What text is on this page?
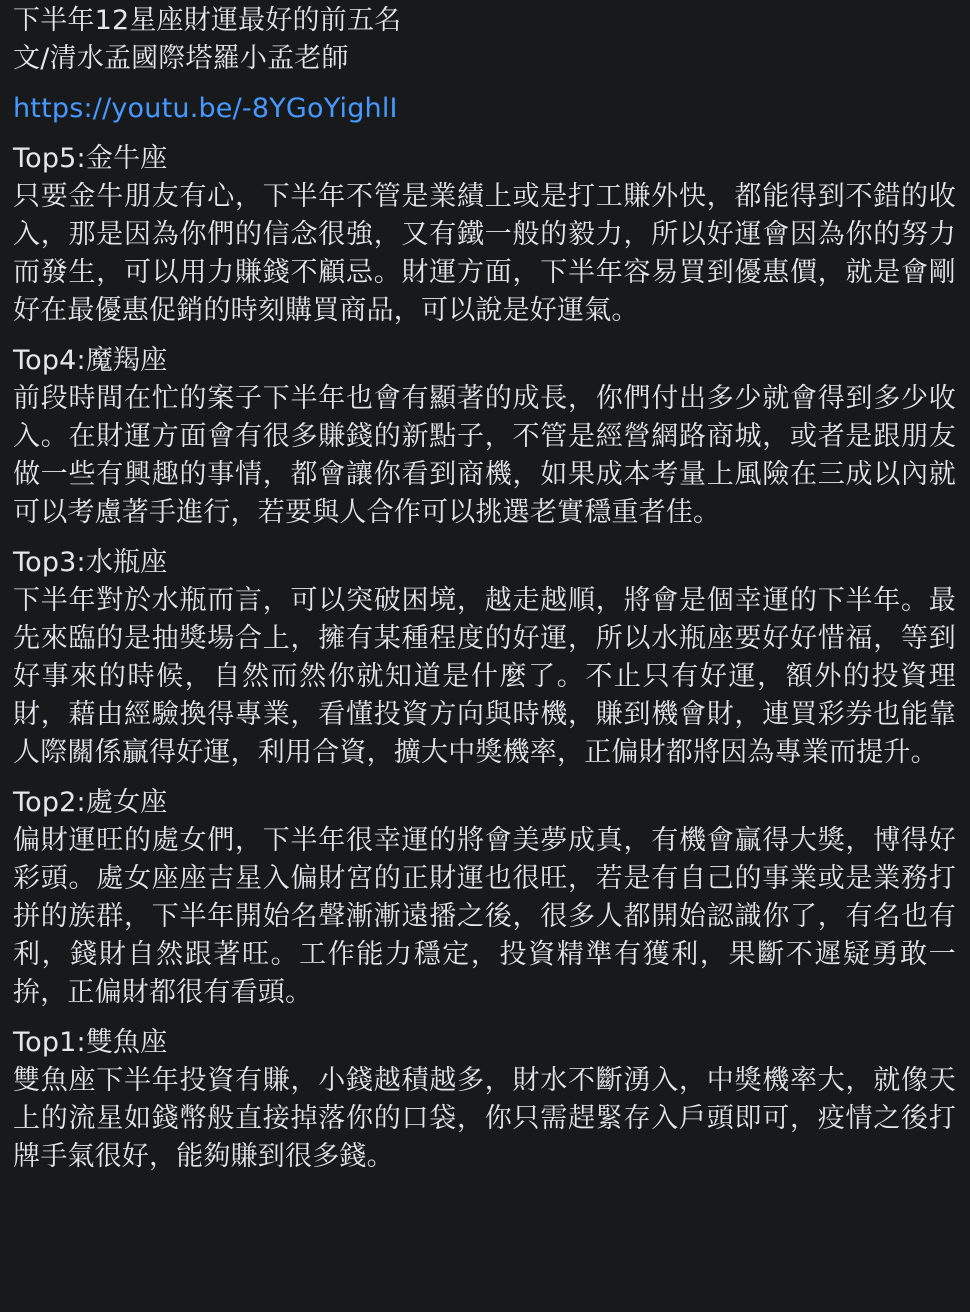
下半年12星座財運最好的前五名
文/清水孟國際塔羅小孟老師
https://youtu.be/-8YGoYighlI
Top5:金牛座
只要金牛朋友有心，下半年不管是業績上或是打工賺外快，都能得到不錯的收入，那是因為你們的信念很強，又有鐵一般的毅力，所以好運會因為你的努力而發生，可以用力賺錢不顧忌。財運方面，下半年容易買到優惠價，就是會剛好在最優惠促銷的時刻購買商品，可以說是好運氣。
Top4:魔羯座
前段時間在忙的案子下半年也會有顯著的成長，你們付出多少就會得到多少收入。在財運方面會有很多賺錢的新點子，不管是經營網路商城，或者是跟朋友做一些有興趣的事情，都會讓你看到商機，如果成本考量上風險在三成以內就可以考慮著手進行，若要與人合作可以挑選老實穩重者佳。
Top3:水瓶座
下半年對於水瓶而言，可以突破困境，越走越順，將會是個幸運的下半年。最先來臨的是抽獎場合上，擁有某種程度的好運，所以水瓶座要好好惜福，等到好事來的時候，自然而然你就知道是什麼了。不止只有好運，額外的投資理財，藉由經驗換得專業，看懂投資方向與時機，賺到機會財，連買彩券也能靠人際關係贏得好運，利用合資，擴大中獎機率，正偏財都將因為專業而提升。
Top2:處女座
偏財運旺的處女們，下半年很幸運的將會美夢成真，有機會贏得大獎，博得好彩頭。處女座座吉星入偏財宮的正財運也很旺，若是有自己的事業或是業務打拼的族群，下半年開始名聲漸漸遠播之後，很多人都開始認識你了，有名也有利，錢財自然跟著旺。工作能力穩定，投資精準有獲利，果斷不遲疑勇敢一拚，正偏財都很有看頭。
Top1:雙魚座
雙魚座下半年投資有賺，小錢越積越多，財水不斷湧入，中獎機率大，就像天上的流星如錢幣般直接掉落你的口袋，你只需趕緊存入戶頭即可，疫情之後打牌手氣很好，能夠賺到很多錢。
